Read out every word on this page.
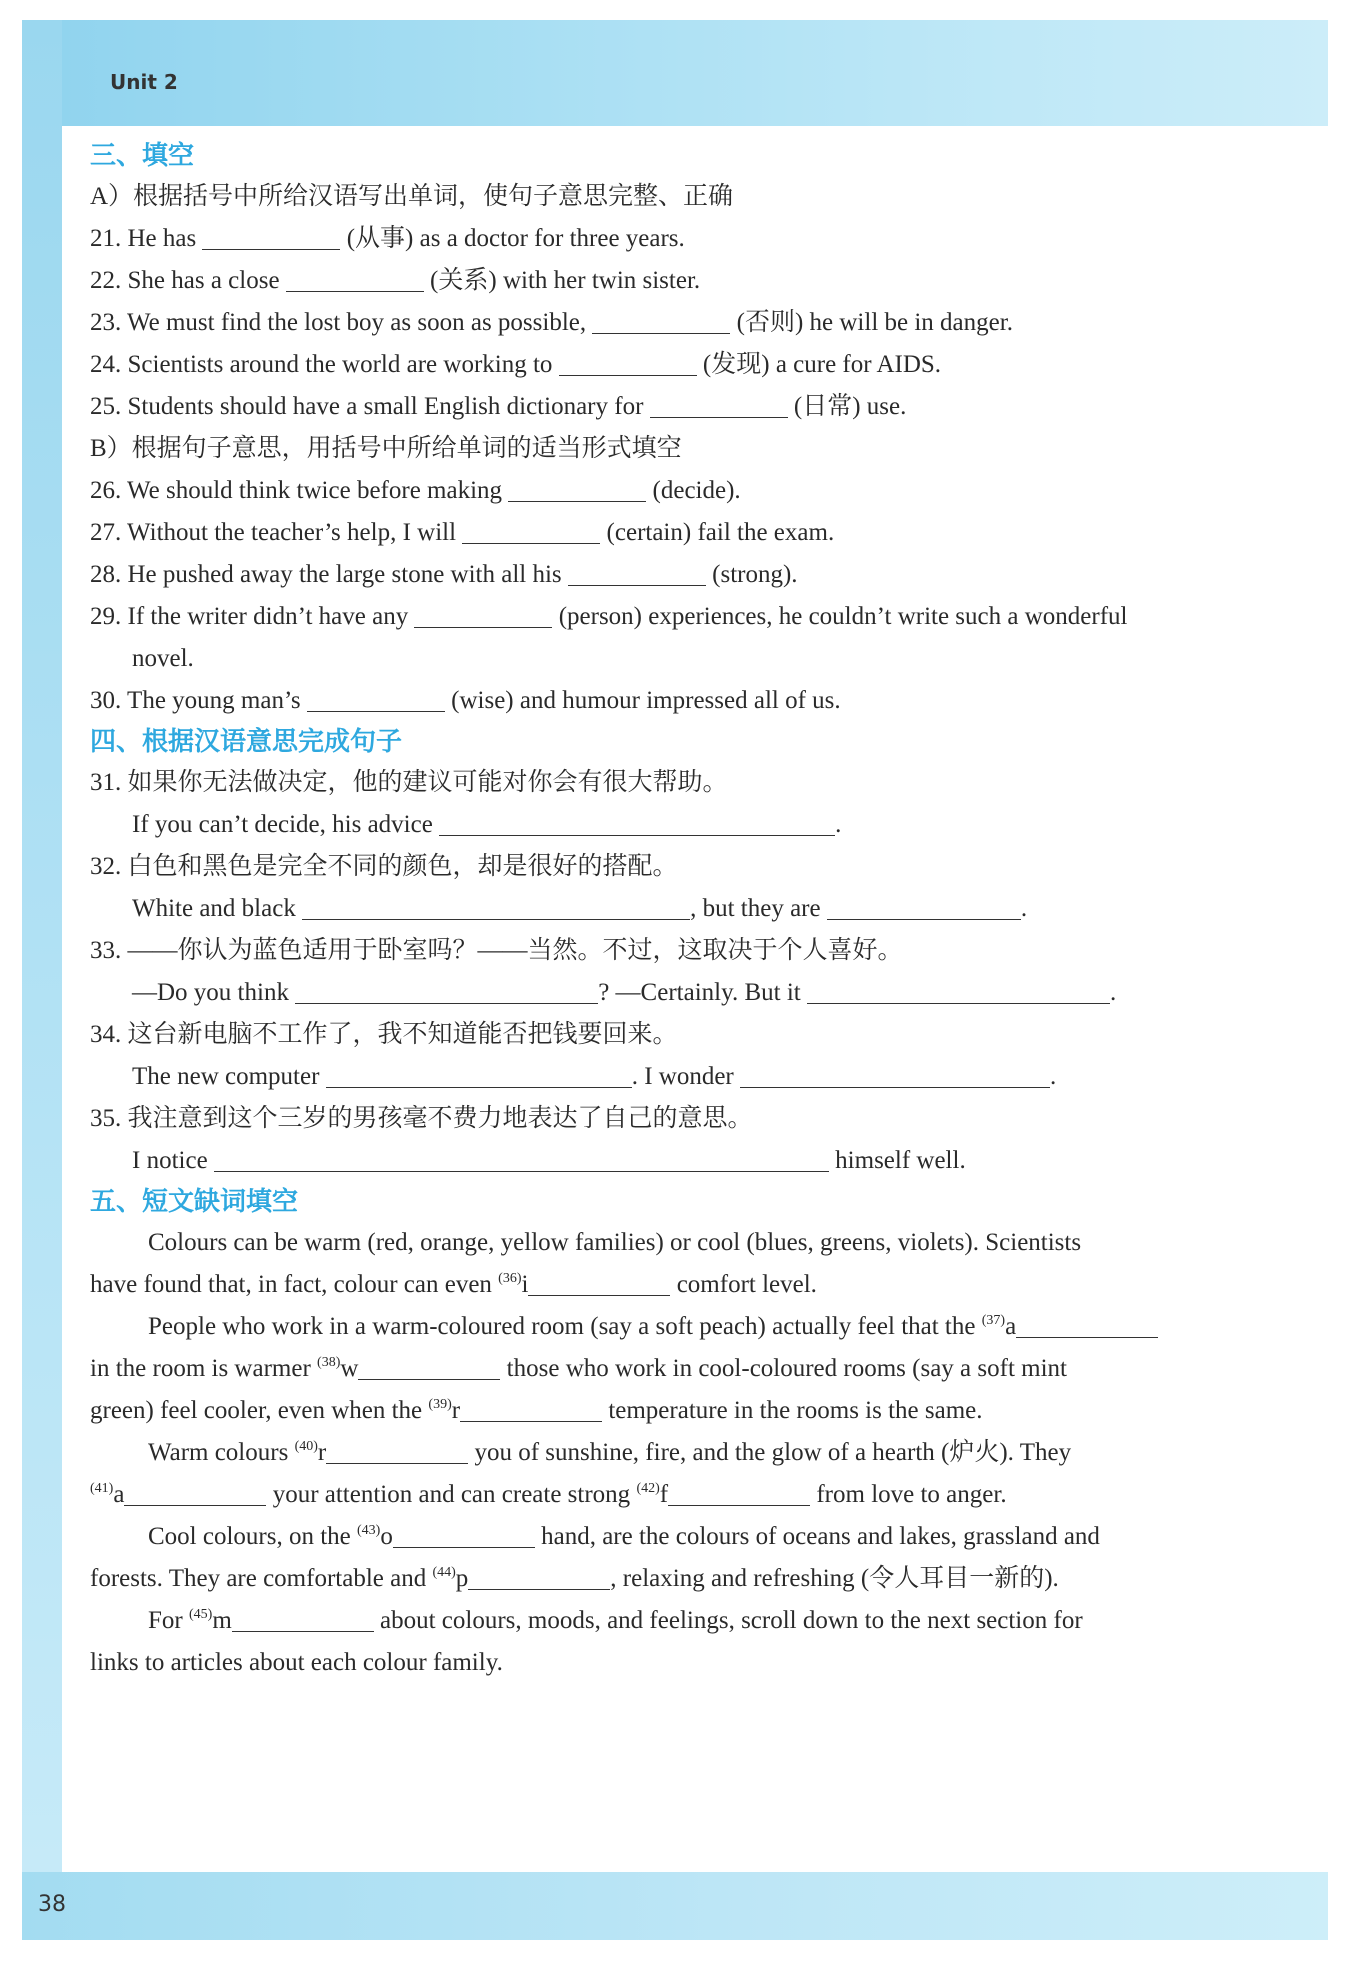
Unit 2
38
三、填空
A）根据括号中所给汉语写出单词，使句子意思完整、正确
21. He has	(从事) as a doctor for three years.
22. She has a close	(关系) with her twin sister.
23. We must find the lost boy as soon as possible,	(否则) he will be in danger.
24. Scientists around the world are working to	(发现) a cure for AIDS.
25. Students should have a small English dictionary for	(日常) use.
B）根据句子意思，用括号中所给单词的适当形式填空
26. We should think twice before making	(decide).
27. Without the teacher’s help, I will	(certain) fail the exam.
28. He pushed away the large stone with all his	(strong).
29. If the writer didn’t have any	(person) experiences, he couldn’t write such a wonderful
novel.
30. The young man’s	(wise) and humour impressed all of us.
四、根据汉语意思完成句子
31. 如果你无法做决定，他的建议可能对你会有很大帮助。
If you can’t decide, his advice	.
32. 白色和黑色是完全不同的颜色，却是很好的搭配。
White and black	, but they are	.
33. ——你认为蓝色适用于卧室吗？——当然。不过，这取决于个人喜好。
—Do you think	? —Certainly. But it	.
34. 这台新电脑不工作了，我不知道能否把钱要回来。
The new computer	. I wonder	.
35. 我注意到这个三岁的男孩毫不费力地表达了自己的意思。
I notice	himself well.
五、短文缺词填空
Colours can be warm (red, orange, yellow families) or cool (blues, greens, violets). Scientists
have found that, in fact, colour can even $^{(36)}$i	comfort level.
People who work in a warm-coloured room (say a soft peach) actually feel that the $^{(37)}$a
in the room is warmer $^{(38)}$w	those who work in cool-coloured rooms (say a soft mint
green) feel cooler, even when the $^{(39)}$r	temperature in the rooms is the same.
Warm colours $^{(40)}$r	you of sunshine, fire, and the glow of a hearth (炉火). They
$^{(41)}$a	your attention and can create strong $^{(42)}$f	from love to anger.
Cool colours, on the $^{(43)}$o	hand, are the colours of oceans and lakes, grassland and
forests. They are comfortable and $^{(44)}$p	, relaxing and refreshing (令人耳目一新的).
For $^{(45)}$m	about colours, moods, and feelings, scroll down to the next section for
links to articles about each colour family.
